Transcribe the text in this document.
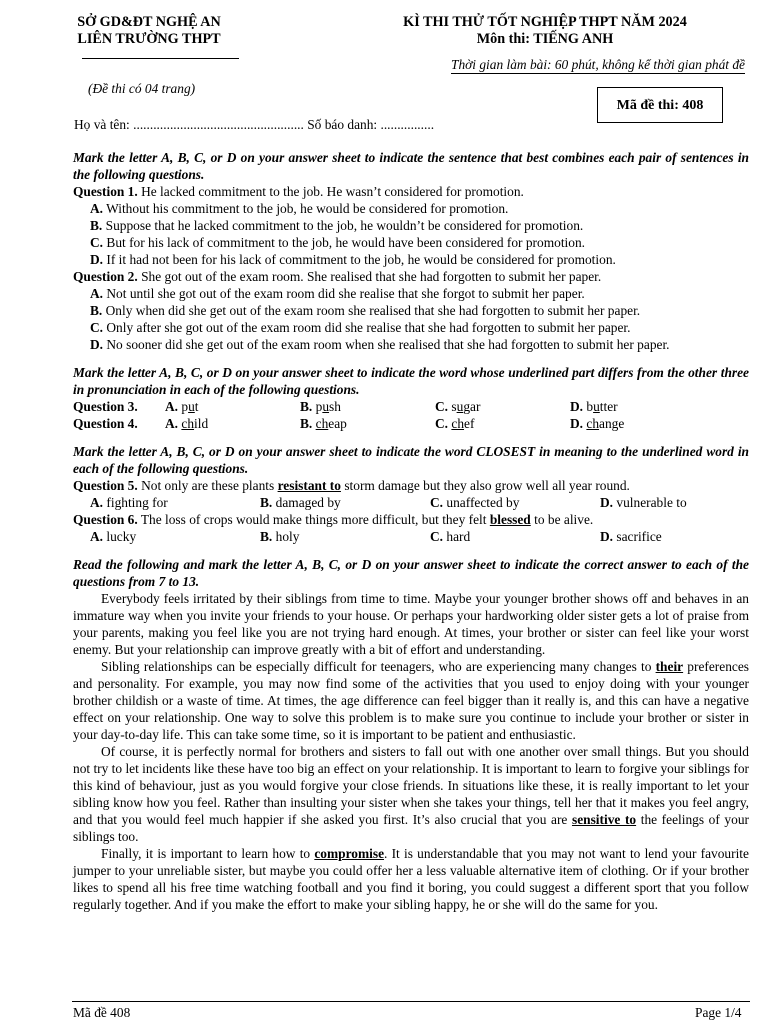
SỞ GD&ĐT NGHỆ AN
LIÊN TRƯỜNG THPT
KÌ THI THỬ TỐT NGHIỆP THPT NĂM 2024
Môn thi: TIẾNG ANH
Thời gian làm bài: 60 phút, không kể thời gian phát đề
(Đề thi có 04 trang)
Mã đề thi: 408
Họ và tên: ................................................... Số báo danh: ................

Mark the letter A, B, C, or D on your answer sheet to indicate the sentence that best combines each pair of sentences in the following questions.

Question 1. He lacked commitment to the job. He wasn’t considered for promotion.

A. Without his commitment to the job, he would be considered for promotion.

B. Suppose that he lacked commitment to the job, he wouldn’t be considered for promotion.

C. But for his lack of commitment to the job, he would have been considered for promotion.

D. If it had not been for his lack of commitment to the job, he would be considered for promotion.

Question 2. She got out of the exam room. She realised that she had forgotten to submit her paper.

A. Not until she got out of the exam room did she realise that she forgot to submit her paper.

B. Only when did she get out of the exam room she realised that she had forgotten to submit her paper.

C. Only after she got out of the exam room did she realise that she had forgotten to submit her paper.

D. No sooner did she get out of the exam room when she realised that she had forgotten to submit her paper.

Mark the letter A, B, C, or D on your answer sheet to indicate the word whose underlined part differs from the other three in pronunciation in each of the following questions.

Question 3.	A. put	B. push	C. sugar	D. butter
Question 4.	A. child	B. cheap	C. chef	D. change

Mark the letter A, B, C, or D on your answer sheet to indicate the word CLOSEST in meaning to the underlined word in each of the following questions.

Question 5. Not only are these plants resistant to storm damage but they also grow well all year round.

A. fighting for	B. damaged by	C. unaffected by	D. vulnerable to

Question 6. The loss of crops would make things more difficult, but they felt blessed to be alive.

A. lucky	B. holy	C. hard	D. sacrifice

Read the following and mark the letter A, B, C, or D on your answer sheet to indicate the correct answer to each of the questions from 7 to 13.

Everybody feels irritated by their siblings from time to time. Maybe your younger brother shows off and behaves in an immature way when you invite your friends to your house. Or perhaps your hardworking older sister gets a lot of praise from your parents, making you feel like you are not trying hard enough. At times, your brother or sister can feel like your worst enemy. But your relationship can improve greatly with a bit of effort and understanding.

Sibling relationships can be especially difficult for teenagers, who are experiencing many changes to their preferences and personality. For example, you may now find some of the activities that you used to enjoy doing with your younger brother childish or a waste of time. At times, the age difference can feel bigger than it really is, and this can have a negative effect on your relationship. One way to solve this problem is to make sure you continue to include your brother or sister in your day-to-day life. This can take some time, so it is important to be patient and enthusiastic.

Of course, it is perfectly normal for brothers and sisters to fall out with one another over small things. But you should not try to let incidents like these have too big an effect on your relationship. It is important to learn to forgive your siblings for this kind of behaviour, just as you would forgive your close friends. In situations like these, it is really important to let your sibling know how you feel. Rather than insulting your sister when she takes your things, tell her that it makes you feel angry, and that you would feel much happier if she asked you first. It’s also crucial that you are sensitive to the feelings of your siblings too.

Finally, it is important to learn how to compromise. It is understandable that you may not want to lend your favourite jumper to your unreliable sister, but maybe you could offer her a less valuable alternative item of clothing. Or if your brother likes to spend all his free time watching football and you find it boring, you could suggest a different sport that you follow regularly together. And if you make the effort to make your sibling happy, he or she will do the same for you.

Mã đề 408	Page 1/4
